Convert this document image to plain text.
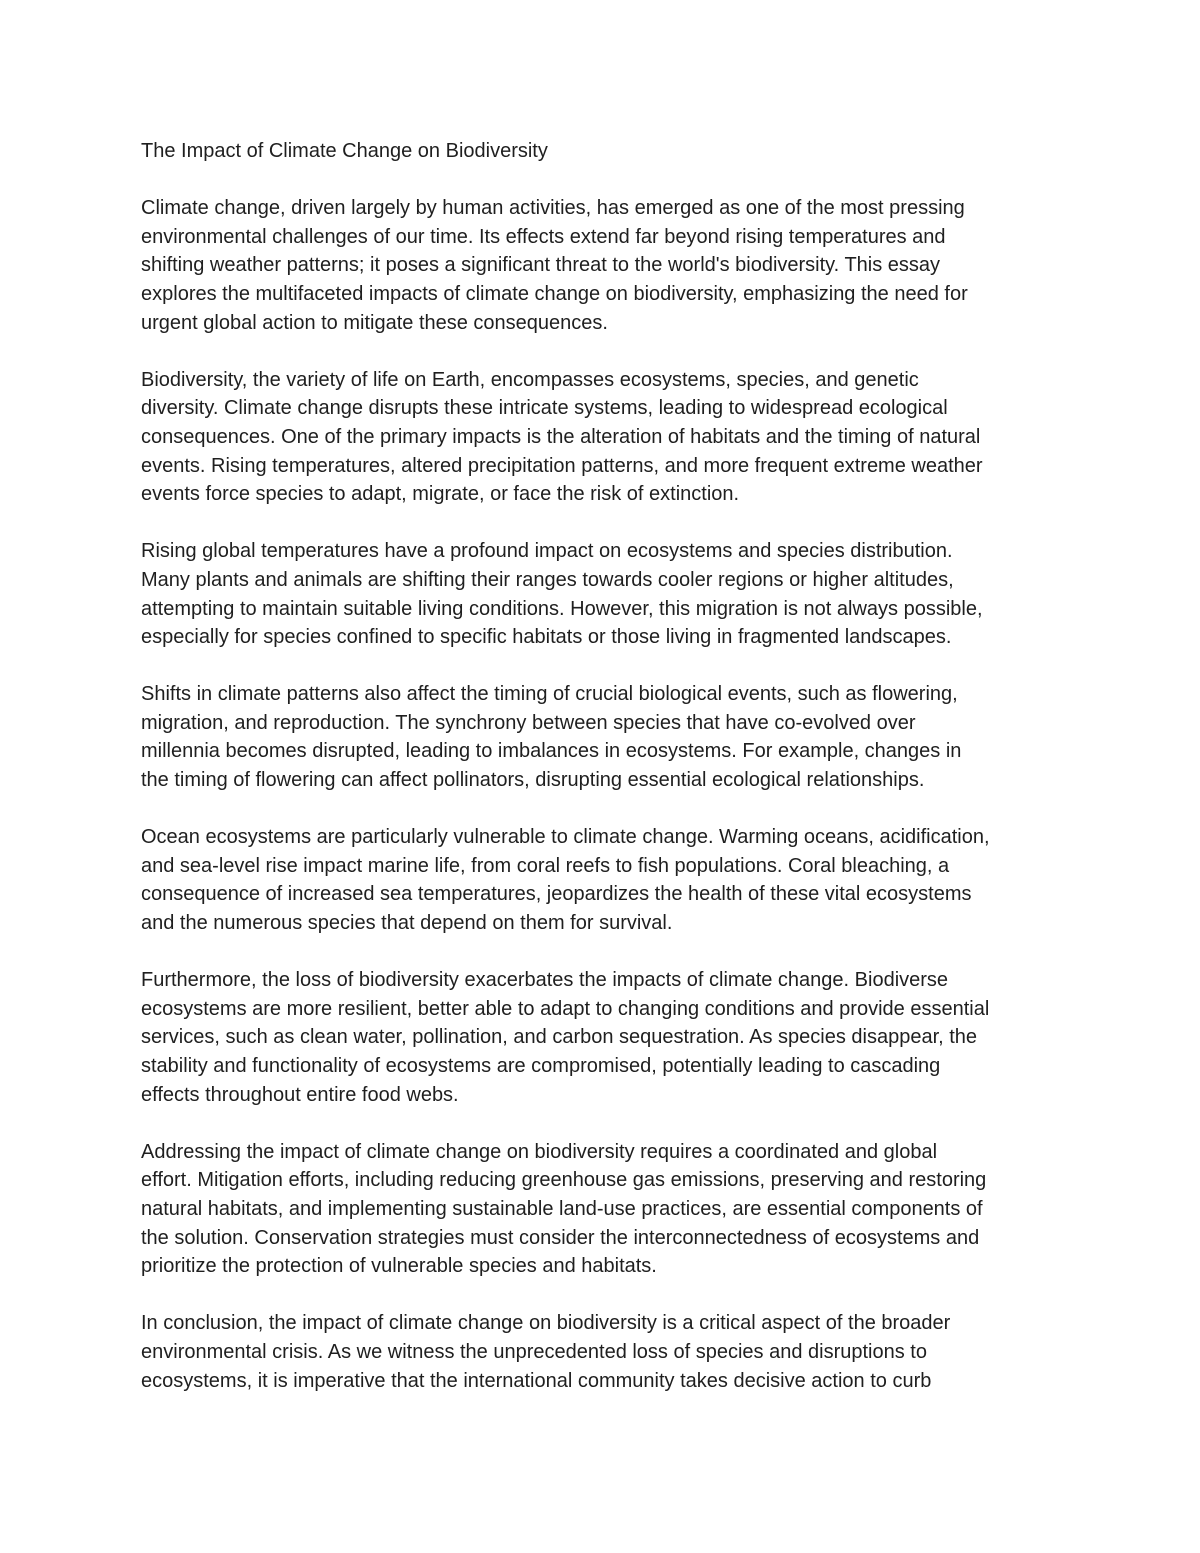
The Impact of Climate Change on Biodiversity

Climate change, driven largely by human activities, has emerged as one of the most pressing
environmental challenges of our time. Its effects extend far beyond rising temperatures and
shifting weather patterns; it poses a significant threat to the world's biodiversity. This essay
explores the multifaceted impacts of climate change on biodiversity, emphasizing the need for
urgent global action to mitigate these consequences.

Biodiversity, the variety of life on Earth, encompasses ecosystems, species, and genetic
diversity. Climate change disrupts these intricate systems, leading to widespread ecological
consequences. One of the primary impacts is the alteration of habitats and the timing of natural
events. Rising temperatures, altered precipitation patterns, and more frequent extreme weather
events force species to adapt, migrate, or face the risk of extinction.

Rising global temperatures have a profound impact on ecosystems and species distribution.
Many plants and animals are shifting their ranges towards cooler regions or higher altitudes,
attempting to maintain suitable living conditions. However, this migration is not always possible,
especially for species confined to specific habitats or those living in fragmented landscapes.

Shifts in climate patterns also affect the timing of crucial biological events, such as flowering,
migration, and reproduction. The synchrony between species that have co-evolved over
millennia becomes disrupted, leading to imbalances in ecosystems. For example, changes in
the timing of flowering can affect pollinators, disrupting essential ecological relationships.

Ocean ecosystems are particularly vulnerable to climate change. Warming oceans, acidification,
and sea-level rise impact marine life, from coral reefs to fish populations. Coral bleaching, a
consequence of increased sea temperatures, jeopardizes the health of these vital ecosystems
and the numerous species that depend on them for survival.

Furthermore, the loss of biodiversity exacerbates the impacts of climate change. Biodiverse
ecosystems are more resilient, better able to adapt to changing conditions and provide essential
services, such as clean water, pollination, and carbon sequestration. As species disappear, the
stability and functionality of ecosystems are compromised, potentially leading to cascading
effects throughout entire food webs.

Addressing the impact of climate change on biodiversity requires a coordinated and global
effort. Mitigation efforts, including reducing greenhouse gas emissions, preserving and restoring
natural habitats, and implementing sustainable land-use practices, are essential components of
the solution. Conservation strategies must consider the interconnectedness of ecosystems and
prioritize the protection of vulnerable species and habitats.

In conclusion, the impact of climate change on biodiversity is a critical aspect of the broader
environmental crisis. As we witness the unprecedented loss of species and disruptions to
ecosystems, it is imperative that the international community takes decisive action to curb
